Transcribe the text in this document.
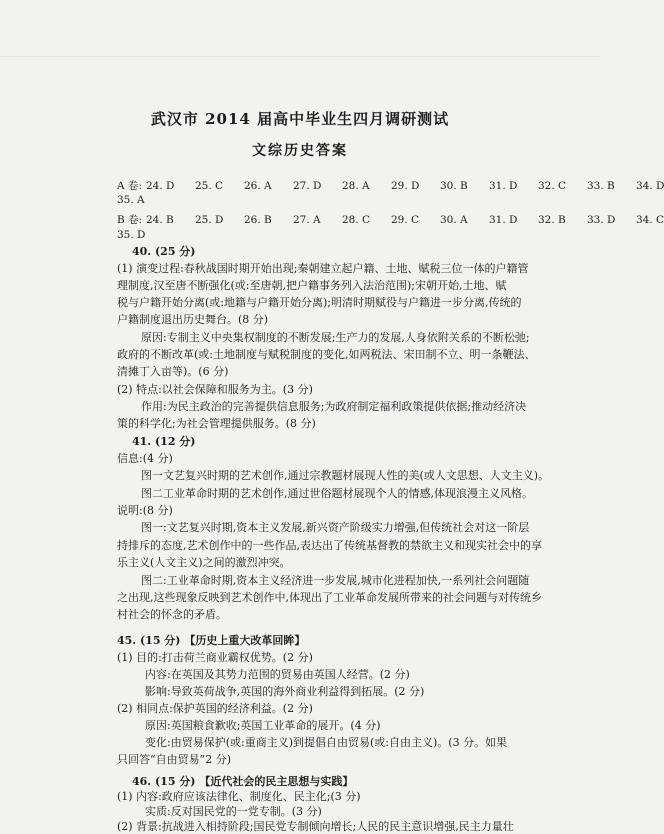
武汉市 2014 届高中毕业生四月调研测试
文综历史答案
A 卷: 24. D 25. C 26. A 27. D 28. A 29. D 30. B 31. D 32. C 33. B 34. D
35. A
B 卷: 24. B 25. D 26. B 27. A 28. C 29. C 30. A 31. D 32. B 33. D 34. C
35. D
40. (25 分)
(1) 演变过程:春秋战国时期开始出现;秦朝建立起户籍、土地、赋税三位一体的户籍管
理制度,汉至唐不断强化(或:至唐朝,把户籍事务列入法治范围);宋朝开始,土地、赋
税与户籍开始分离(或:地籍与户籍开始分离);明清时期赋役与户籍进一步分离,传统的
户籍制度退出历史舞台。(8 分)
原因:专制主义中央集权制度的不断发展;生产力的发展,人身依附关系的不断松弛;
政府的不断改革(或:土地制度与赋税制度的变化,如两税法、宋田制不立、明一条鞭法、
清摊丁入亩等)。(6 分)
(2) 特点:以社会保障和服务为主。(3 分)
作用:为民主政治的完善提供信息服务;为政府制定福利政策提供依据;推动经济决
策的科学化;为社会管理提供服务。(8 分)
41. (12 分)
信息:(4 分)
图一文艺复兴时期的艺术创作,通过宗教题材展现人性的美(或人文思想、人文主义)。
图二工业革命时期的艺术创作,通过世俗题材展现个人的情感,体现浪漫主义风格。
说明:(8 分)
图一:文艺复兴时期,资本主义发展,新兴资产阶级实力增强,但传统社会对这一阶层
持排斥的态度,艺术创作中的一些作品,表达出了传统基督教的禁欲主义和现实社会中的享
乐主义(人文主义)之间的激烈冲突。
图二:工业革命时期,资本主义经济进一步发展,城市化进程加快,一系列社会问题随
之出现,这些现象反映到艺术创作中,体现出了工业革命发展所带来的社会问题与对传统乡
村社会的怀念的矛盾。
45. (15 分) 【历史上重大改革回眸】
(1) 目的:打击荷兰商业霸权优势。(2 分)
内容:在英国及其势力范围的贸易由英国人经营。(2 分)
影响:导致英荷战争,英国的海外商业利益得到拓展。(2 分)
(2) 相同点:保护英国的经济利益。(2 分)
原因:英国粮食歉收;英国工业革命的展开。(4 分)
变化:由贸易保护(或:重商主义)到提倡自由贸易(或:自由主义)。(3 分。如果
只回答“自由贸易”2 分)
46. (15 分) 【近代社会的民主思想与实践】
(1) 内容:政府应该法律化、制度化、民主化;(3 分)
实质:反对国民党的一党专制。(3 分)
(2) 背景:抗战进入相持阶段;国民党专制倾向增长;人民的民主意识增强,民主力量壮
